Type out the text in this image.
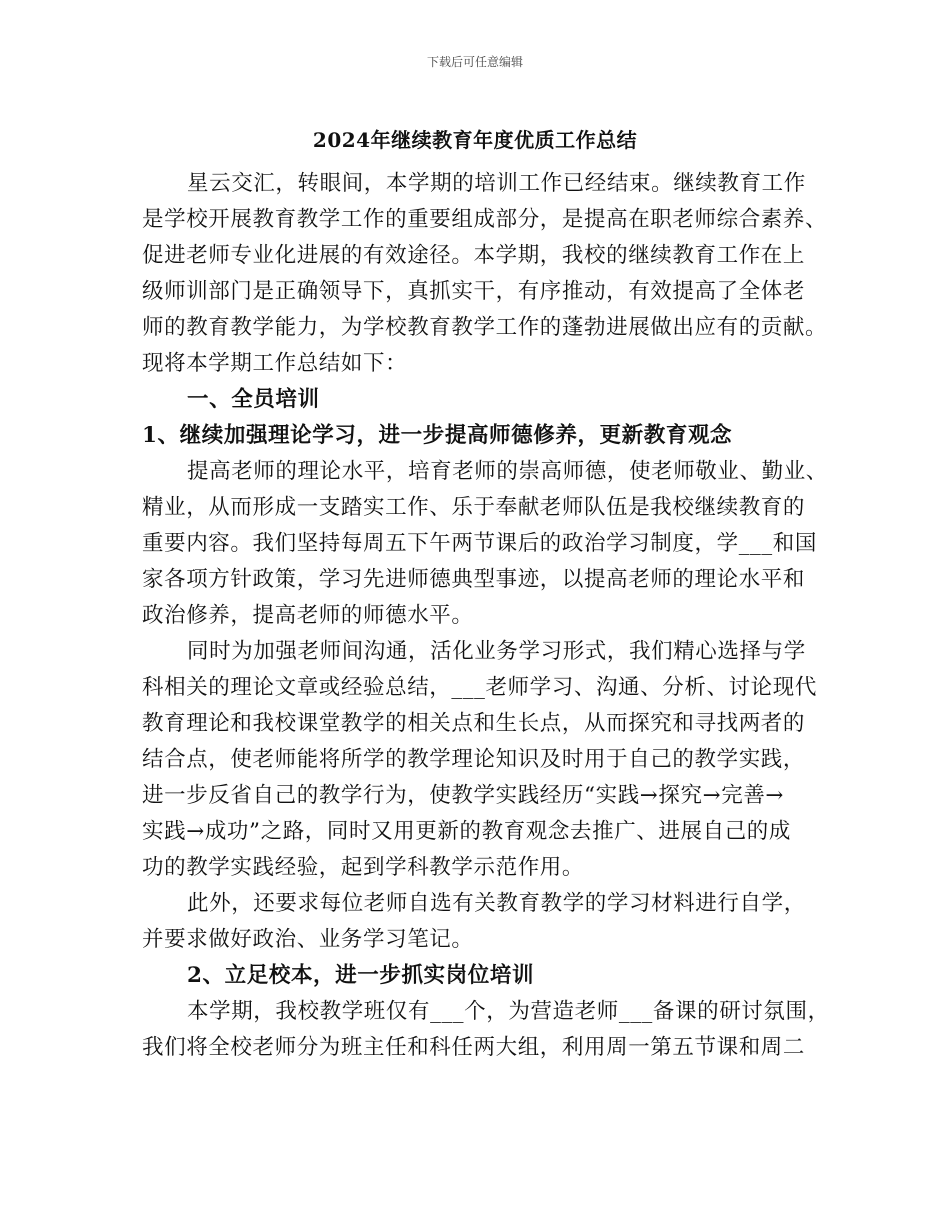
下载后可任意编辑
2024年继续教育年度优质工作总结
星云交汇，转眼间，本学期的培训工作已经结束。继续教育工作
是学校开展教育教学工作的重要组成部分，是提高在职老师综合素养、
促进老师专业化进展的有效途径。本学期，我校的继续教育工作在上
级师训部门是正确领导下，真抓实干，有序推动，有效提高了全体老
师的教育教学能力，为学校教育教学工作的蓬勃进展做出应有的贡献。
现将本学期工作总结如下：
一、全员培训
1、继续加强理论学习，进一步提高师德修养，更新教育观念
提高老师的理论水平，培育老师的崇高师德，使老师敬业、勤业、
精业，从而形成一支踏实工作、乐于奉献老师队伍是我校继续教育的
重要内容。我们坚持每周五下午两节课后的政治学习制度，学___和国
家各项方针政策，学习先进师德典型事迹，以提高老师的理论水平和
政治修养，提高老师的师德水平。
同时为加强老师间沟通，活化业务学习形式，我们精心选择与学
科相关的理论文章或经验总结，___老师学习、沟通、分析、讨论现代
教育理论和我校课堂教学的相关点和生长点，从而探究和寻找两者的
结合点，使老师能将所学的教学理论知识及时用于自己的教学实践，
进一步反省自己的教学行为，使教学实践经历“实践→探究→完善→
实践→成功”之路，同时又用更新的教育观念去推广、进展自己的成
功的教学实践经验，起到学科教学示范作用。
此外，还要求每位老师自选有关教育教学的学习材料进行自学，
并要求做好政治、业务学习笔记。
2、立足校本，进一步抓实岗位培训
本学期，我校教学班仅有___个，为营造老师___备课的研讨氛围，
我们将全校老师分为班主任和科任两大组，利用周一第五节课和周二
